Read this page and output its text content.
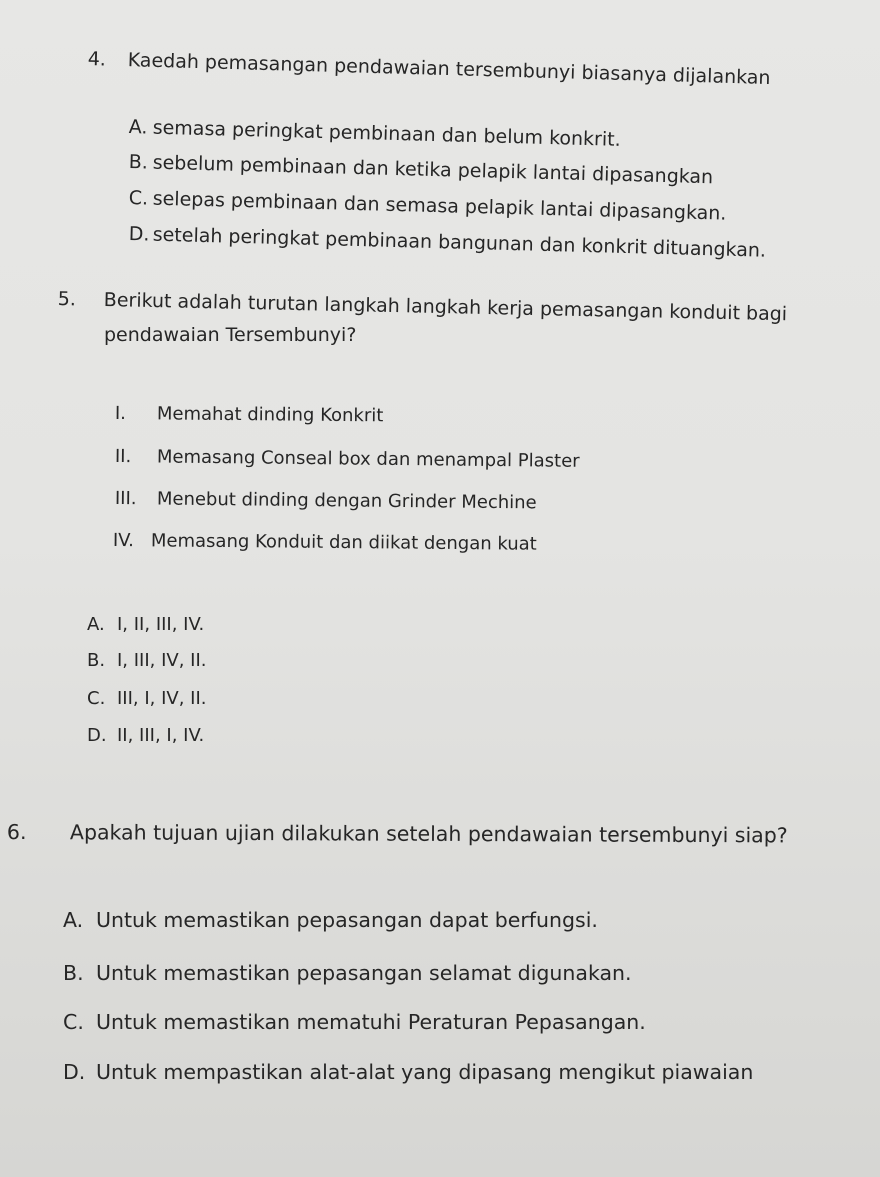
4. Kaedah pemasangan pendawaian tersembunyi biasanya dijalankan
A. semasa peringkat pembinaan dan belum konkrit.
B. sebelum pembinaan dan ketika pelapik lantai dipasangkan
C. selepas pembinaan dan semasa pelapik lantai dipasangkan.
D. setelah peringkat pembinaan bangunan dan konkrit dituangkan.
5. Berikut adalah turutan langkah langkah kerja pemasangan konduit bagi
pendawaian Tersembunyi?
I. Memahat dinding Konkrit
II. Memasang Conseal box dan menampal Plaster
III. Menebut dinding dengan Grinder Mechine
IV. Memasang Konduit dan diikat dengan kuat
A. I, II, III, IV.
B. I, III, IV, II.
C. III, I, IV, II.
D. II, III, I, IV.
6. Apakah tujuan ujian dilakukan setelah pendawaian tersembunyi siap?
A. Untuk memastikan pepasangan dapat berfungsi.
B. Untuk memastikan pepasangan selamat digunakan.
C. Untuk memastikan mematuhi Peraturan Pepasangan.
D. Untuk mempastikan alat-alat yang dipasang mengikut piawaian
